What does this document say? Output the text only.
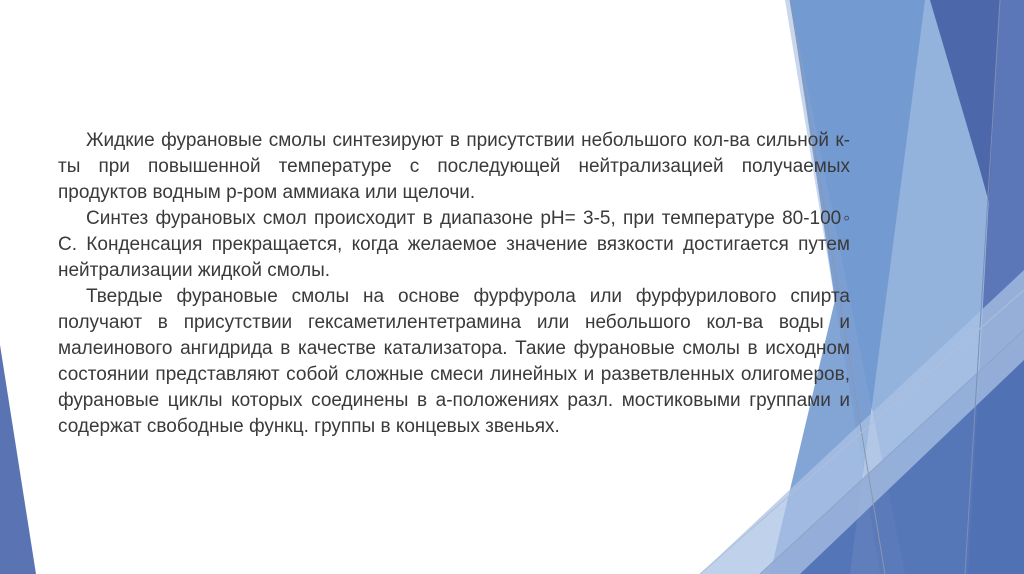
Жидкие фурановые смолы синтезируют в присутствии небольшого кол-ва сильной к-ты при повышенной температуре с последующей нейтрализацией получаемых продуктов водным р-ром аммиака или щелочи.

Синтез фурановых смол происходит в диапазоне рН= 3-5, при температуре 80-100◦ С. Конденсация прекращается, когда желаемое значение вязкости достигается путем нейтрализации жидкой смолы.

Твердые фурановые смолы на основе фурфурола или фурфурилового спирта получают в присутствии гексаметилентетрамина или небольшого кол-ва воды и малеинового ангидрида в качестве катализатора. Такие фурановые смолы в исходном состоянии представляют собой сложные смеси линейных и разветвленных олигомеров, фурановые циклы которых соединены в а-положениях разл. мостиковыми группами и содержат свободные функц. группы в концевых звеньях.
